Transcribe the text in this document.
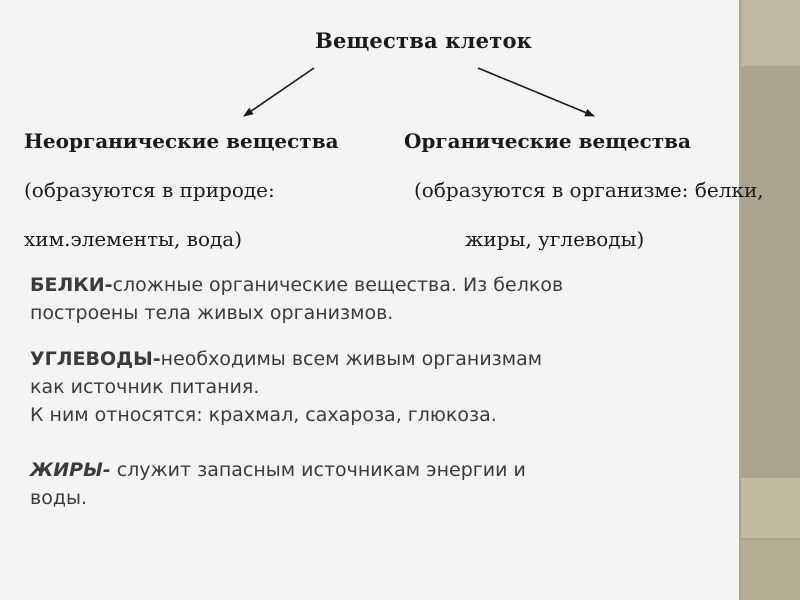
Вещества клеток

Неорганические вещества

(образуются в природе:

хим.элементы, вода)

Органические вещества

(образуются в организме: белки,

жиры, углеводы)

БЕЛКИ-сложные органические вещества. Из белков
построены тела живых организмов.

УГЛЕВОДЫ-необходимы всем живым организмам
как источник питания.
К ним относятся: крахмал, сахароза, глюкоза.

ЖИРЫ- служит запасным источникам энергии и
воды.
